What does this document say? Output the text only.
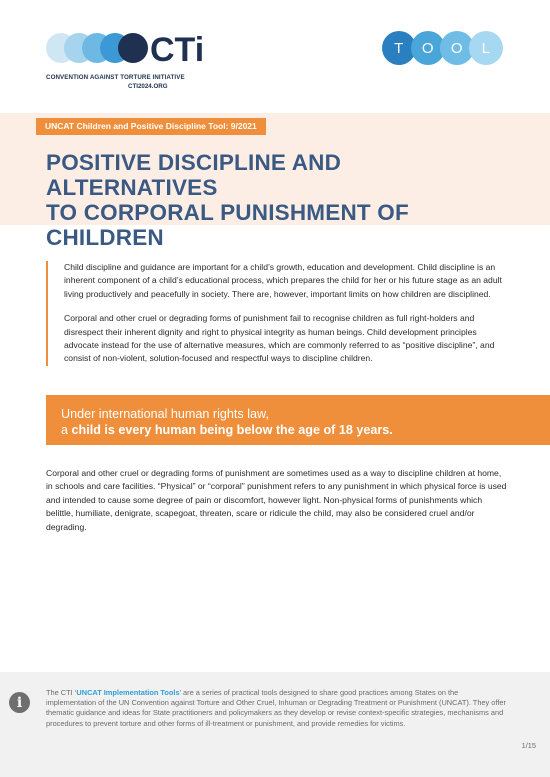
CTi
CONVENTION AGAINST TORTURE INITIATIVE
CTI2024.ORG
T	O	O	L
UNCAT Children and Positive Discipline Tool: 9/2021
POSITIVE DISCIPLINE AND ALTERNATIVES
TO CORPORAL PUNISHMENT OF CHILDREN

Child discipline and guidance are important for a child’s growth, education and development. Child discipline is an inherent component of a child’s educational process, which prepares the child for her or his future stage as an adult living productively and peacefully in society. There are, however, important limits on how children are disciplined.

Corporal and other cruel or degrading forms of punishment fail to recognise children as full right-holders and disrespect their inherent dignity and right to physical integrity as human beings. Child development principles advocate instead for the use of alternative measures, which are commonly referred to as “positive discipline”, and consist of non-violent, solution-focused and respectful ways to discipline children.

Under international human rights law,
a child is every human being below the age of 18 years.

Corporal and other cruel or degrading forms of punishment are sometimes used as a way to discipline children at home, in schools and care facilities. “Physical” or “corporal” punishment refers to any punishment in which physical force is used and intended to cause some degree of pain or discomfort, however light. Non-physical forms of punishments which belittle, humiliate, denigrate, scapegoat, threaten, scare or ridicule the child, may also be considered cruel and/or degrading.

i

The CTI ‘UNCAT Implementation Tools’ are a series of practical tools designed to share good practices among States on the implementation of the UN Convention against Torture and Other Cruel, Inhuman or Degrading Treatment or Punishment (UNCAT). They offer thematic guidance and ideas for State practitioners and policymakers as they develop or revise context-specific strategies, mechanisms and procedures to prevent torture and other forms of ill-treatment or punishment, and provide remedies for victims.

1/15
